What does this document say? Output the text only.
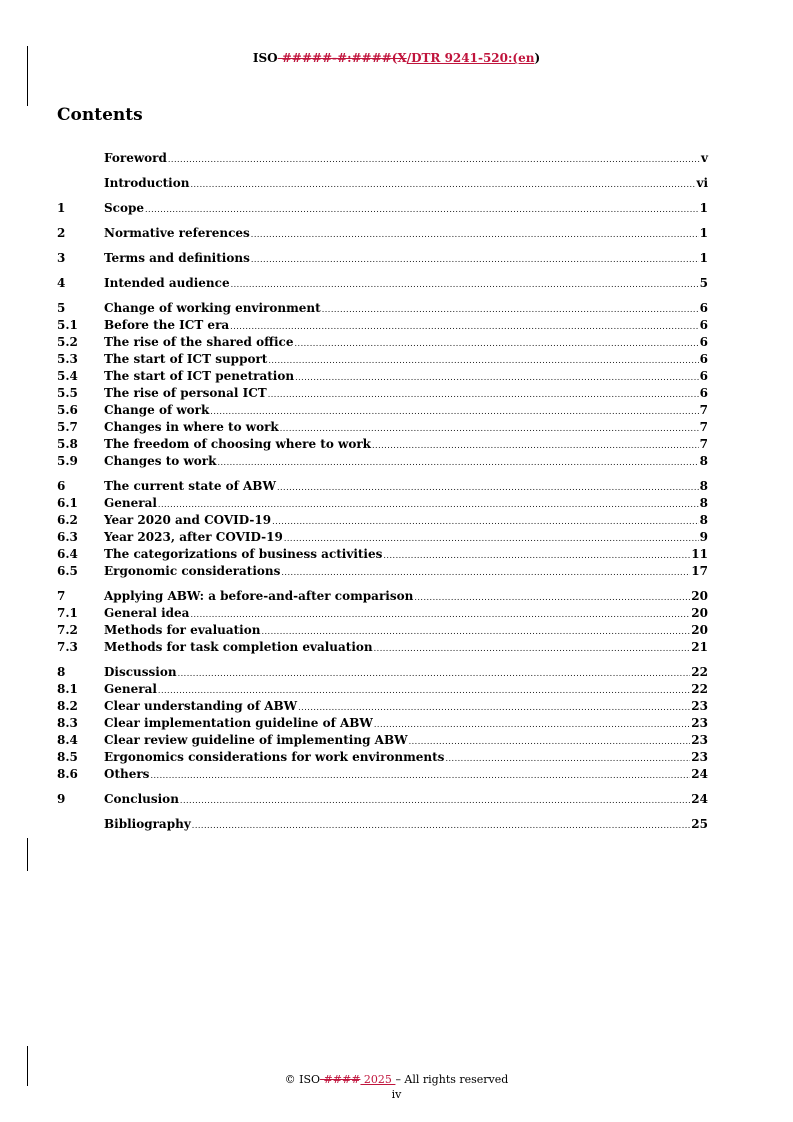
ISO #####-#:####(X/DTR 9241-520:(en)
Contents
Foreword .....	v
Introduction .....	vi
1	Scope .....	1
2	Normative references .....	1
3	Terms and definitions .....	1
4	Intended audience .....	5
5	Change of working environment .....	6
5.1	Before the ICT era .....	6
5.2	The rise of the shared office .....	6
5.3	The start of ICT support .....	6
5.4	The start of ICT penetration .....	6
5.5	The rise of personal ICT .....	6
5.6	Change of work .....	7
5.7	Changes in where to work .....	7
5.8	The freedom of choosing where to work .....	7
5.9	Changes to work .....	8
6	The current state of ABW .....	8
6.1	General .....	8
6.2	Year 2020 and COVID-19 .....	8
6.3	Year 2023, after COVID-19 .....	9
6.4	The categorizations of business activities .....	11
6.5	Ergonomic considerations .....	17
7	Applying ABW: a before-and-after comparison .....	20
7.1	General idea .....	20
7.2	Methods for evaluation .....	20
7.3	Methods for task completion evaluation .....	21
8	Discussion .....	22
8.1	General .....	22
8.2	Clear understanding of ABW .....	23
8.3	Clear implementation guideline of ABW .....	23
8.4	Clear review guideline of implementing ABW .....	23
8.5	Ergonomics considerations for work environments .....	23
8.6	Others .....	24
9	Conclusion .....	24
Bibliography .....	25
© ISO #### 2025 – All rights reserved
iv
